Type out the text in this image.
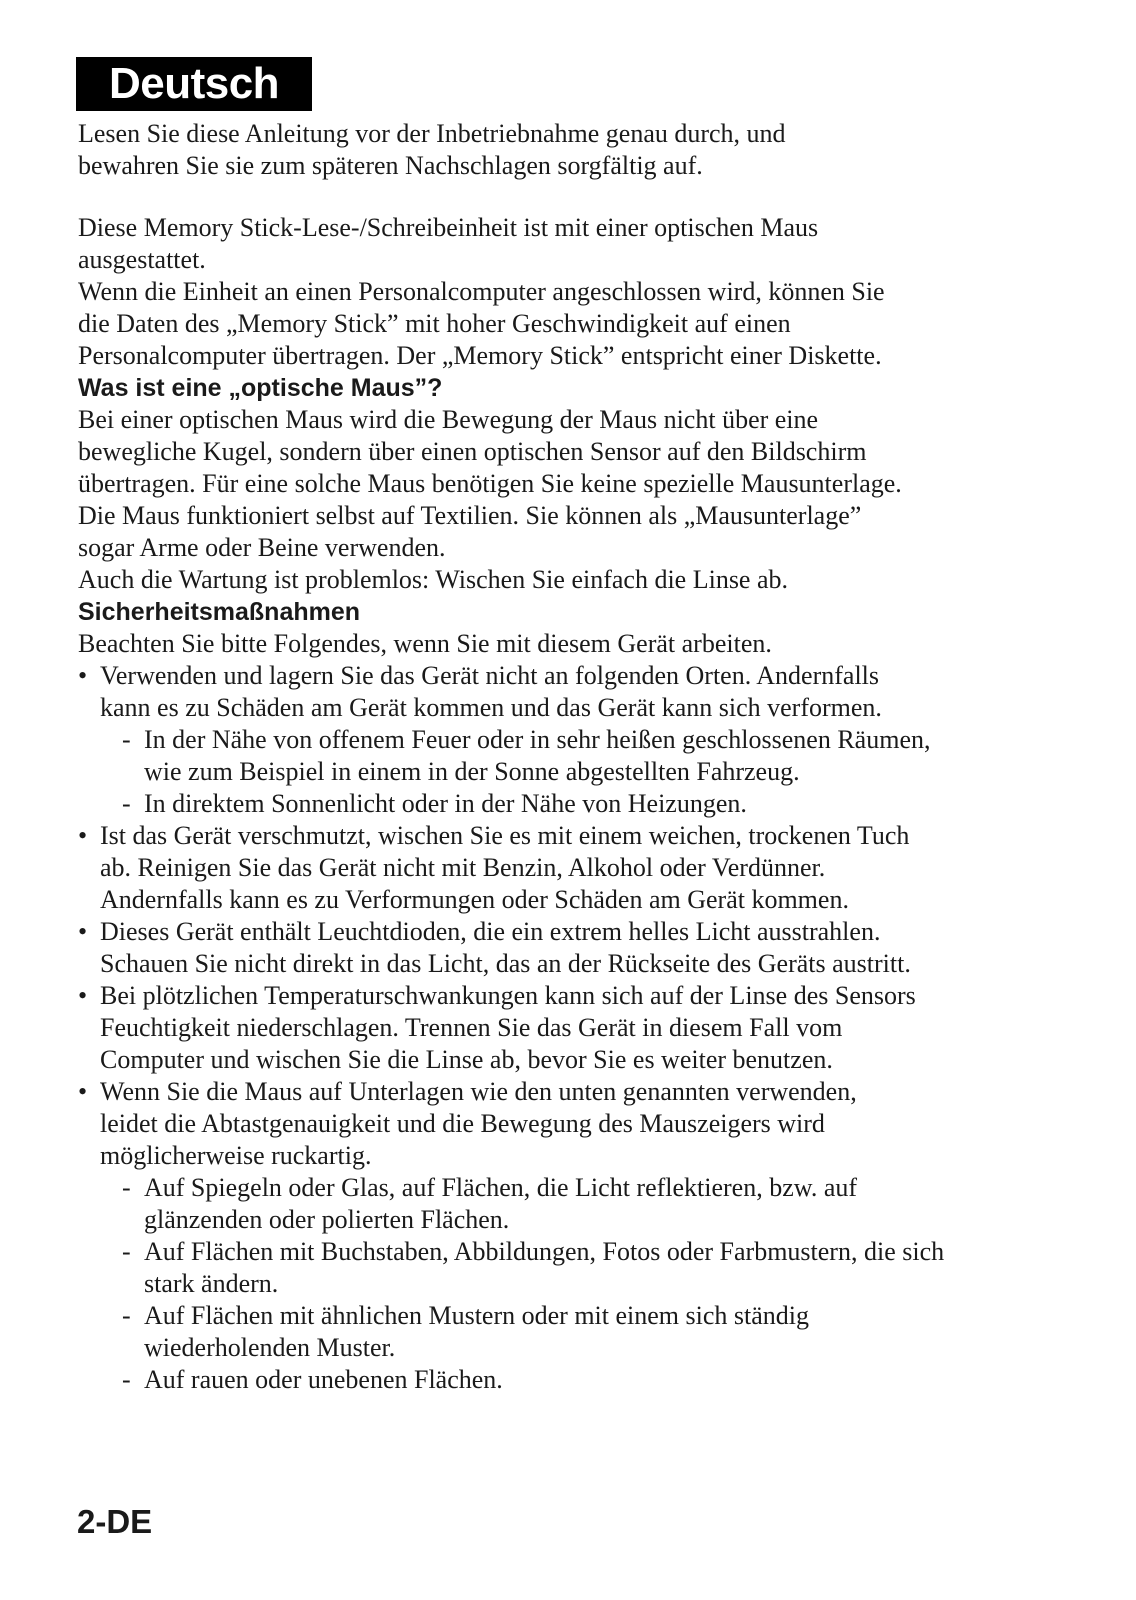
Deutsch

Lesen Sie diese Anleitung vor der Inbetriebnahme genau durch, und
bewahren Sie sie zum späteren Nachschlagen sorgfältig auf.

Diese Memory Stick-Lese-/Schreibeinheit ist mit einer optischen Maus
ausgestattet.
Wenn die Einheit an einen Personalcomputer angeschlossen wird, können Sie
die Daten des „Memory Stick” mit hoher Geschwindigkeit auf einen
Personalcomputer übertragen. Der „Memory Stick” entspricht einer Diskette.

Was ist eine „optische Maus”?

Bei einer optischen Maus wird die Bewegung der Maus nicht über eine
bewegliche Kugel, sondern über einen optischen Sensor auf den Bildschirm
übertragen. Für eine solche Maus benötigen Sie keine spezielle Mausunterlage.
Die Maus funktioniert selbst auf Textilien. Sie können als „Mausunterlage”
sogar Arme oder Beine verwenden.
Auch die Wartung ist problemlos: Wischen Sie einfach die Linse ab.

Sicherheitsmaßnahmen

Beachten Sie bitte Folgendes, wenn Sie mit diesem Gerät arbeiten.

• Verwenden und lagern Sie das Gerät nicht an folgenden Orten. Andernfalls
kann es zu Schäden am Gerät kommen und das Gerät kann sich verformen.
- In der Nähe von offenem Feuer oder in sehr heißen geschlossenen Räumen,
wie zum Beispiel in einem in der Sonne abgestellten Fahrzeug.
- In direktem Sonnenlicht oder in der Nähe von Heizungen.
• Ist das Gerät verschmutzt, wischen Sie es mit einem weichen, trockenen Tuch
ab. Reinigen Sie das Gerät nicht mit Benzin, Alkohol oder Verdünner.
Andernfalls kann es zu Verformungen oder Schäden am Gerät kommen.
• Dieses Gerät enthält Leuchtdioden, die ein extrem helles Licht ausstrahlen.
Schauen Sie nicht direkt in das Licht, das an der Rückseite des Geräts austritt.
• Bei plötzlichen Temperaturschwankungen kann sich auf der Linse des Sensors
Feuchtigkeit niederschlagen. Trennen Sie das Gerät in diesem Fall vom
Computer und wischen Sie die Linse ab, bevor Sie es weiter benutzen.
• Wenn Sie die Maus auf Unterlagen wie den unten genannten verwenden,
leidet die Abtastgenauigkeit und die Bewegung des Mauszeigers wird
möglicherweise ruckartig.
- Auf Spiegeln oder Glas, auf Flächen, die Licht reflektieren, bzw. auf
glänzenden oder polierten Flächen.
- Auf Flächen mit Buchstaben, Abbildungen, Fotos oder Farbmustern, die sich
stark ändern.
- Auf Flächen mit ähnlichen Mustern oder mit einem sich ständig
wiederholenden Muster.
- Auf rauen oder unebenen Flächen.
2-DE
